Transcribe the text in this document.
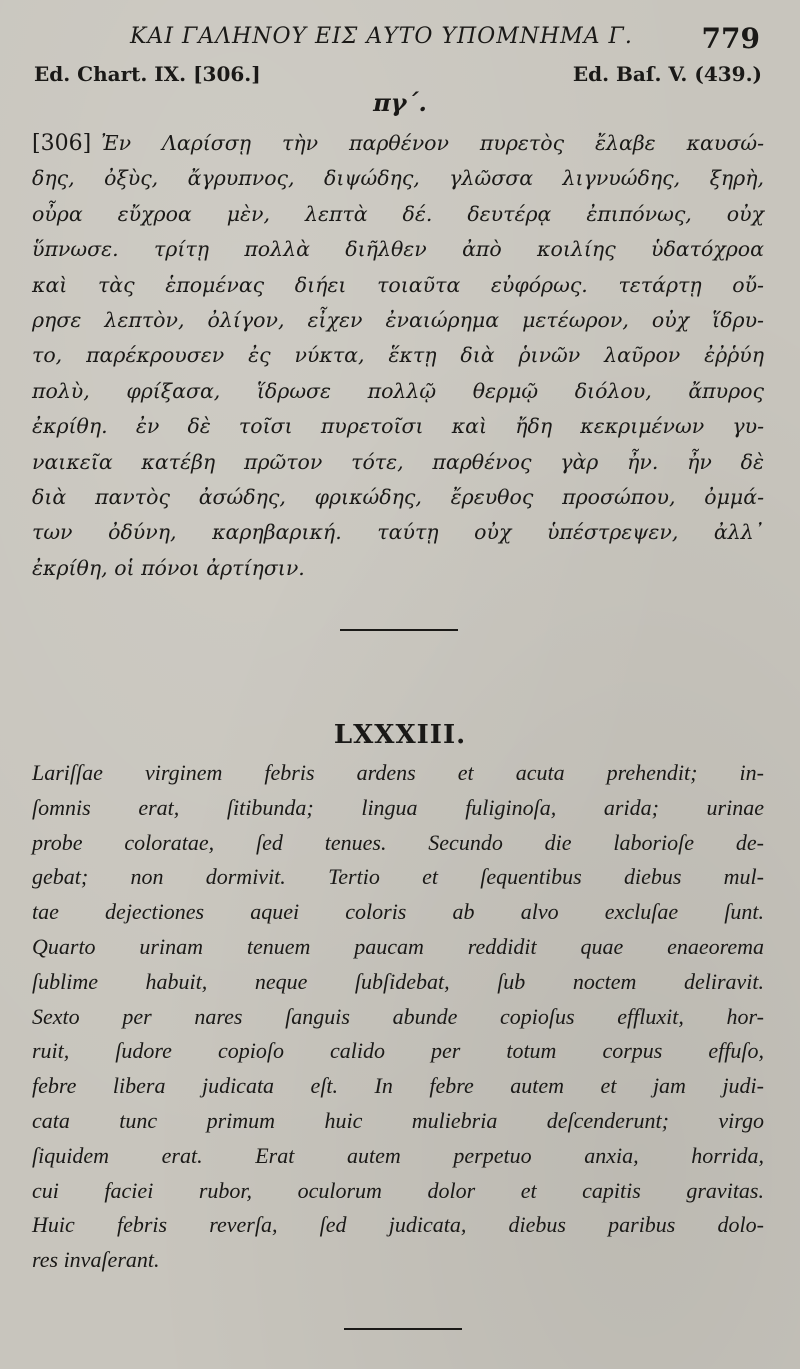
ΚΑΙ ΓΑΛΗΝΟΥ ΕΙΣ ΑΥΤΟ ΥΠΟΜΝΗΜΑ Γ. 779
Ed. Chart. IX. [306.]	Ed. Baſ. V. (439.)
πγ΄.
[306] Ἐν Λαρίσσῃ τὴν παρθένον πυρετὸς ἔλαβε καυσώ-
δης, ὀξὺς, ἄγρυπνος, διψώδης, γλῶσσα λιγνυώδης, ξηρὴ,
οὖρα εὔχροα μὲν, λεπτὰ δέ. δευτέρᾳ ἐπιπόνως, οὐχ
ὕπνωσε. τρίτῃ πολλὰ διῆλθεν ἀπὸ κοιλίης ὑδατόχροα
καὶ τὰς ἑπομένας διήει τοιαῦτα εὐφόρως. τετάρτῃ οὔ-
ρησε λεπτὸν, ὀλίγον, εἶχεν ἐναιώρημα μετέωρον, οὐχ ἵδρυ-
το, παρέκρουσεν ἐς νύκτα, ἕκτῃ διὰ ῥινῶν λαῦρον ἐῤῥύη
πολὺ, φρίξασα, ἵδρωσε πολλῷ θερμῷ διόλου, ἄπυρος
ἐκρίθη. ἐν δὲ τοῖσι πυρετοῖσι καὶ ἤδη κεκριμένων γυ-
ναικεῖα κατέβη πρῶτον τότε, παρθένος γὰρ ἦν. ἦν δὲ
διὰ παντὸς ἀσώδης, φρικώδης, ἔρευθος προσώπου, ὀμμά-
των ὀδύνη, καρηβαρική. ταύτῃ οὐχ ὑπέστρεψεν, ἀλλ᾽
ἐκρίθη, οἱ πόνοι ἀρτίησιν.
LXXXIII.
Lariſſae virginem febris ardens et acuta prehendit; in-
ſomnis erat, ſitibunda; lingua fuliginoſa, arida; urinae
probe coloratae, ſed tenues. Secundo die laborioſe de-
gebat; non dormivit. Tertio et ſequentibus diebus mul-
tae dejectiones aquei coloris ab alvo excluſae ſunt.
Quarto urinam tenuem paucam reddidit quae enaeorema
ſublime habuit, neque ſubſidebat, ſub noctem deliravit.
Sexto per nares ſanguis abunde copioſus effluxit, hor-
ruit, ſudore copioſo calido per totum corpus effuſo,
febre libera judicata eſt. In febre autem et jam judi-
cata tunc primum huic muliebria deſcenderunt; virgo
ſiquidem erat. Erat autem perpetuo anxia, horrida,
cui faciei rubor, oculorum dolor et capitis gravitas.
Huic febris reverſa, ſed judicata, diebus paribus dolo-
res invaſerant.
